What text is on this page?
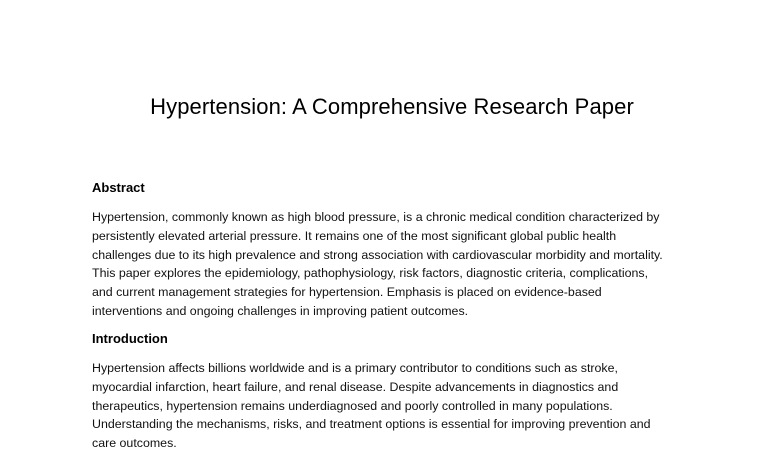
Hypertension: A Comprehensive Research Paper
Abstract
Hypertension, commonly known as high blood pressure, is a chronic medical condition characterized by
persistently elevated arterial pressure. It remains one of the most significant global public health
challenges due to its high prevalence and strong association with cardiovascular morbidity and mortality.
This paper explores the epidemiology, pathophysiology, risk factors, diagnostic criteria, complications,
and current management strategies for hypertension. Emphasis is placed on evidence-based
interventions and ongoing challenges in improving patient outcomes.
Introduction
Hypertension affects billions worldwide and is a primary contributor to conditions such as stroke,
myocardial infarction, heart failure, and renal disease. Despite advancements in diagnostics and
therapeutics, hypertension remains underdiagnosed and poorly controlled in many populations.
Understanding the mechanisms, risks, and treatment options is essential for improving prevention and
care outcomes.
